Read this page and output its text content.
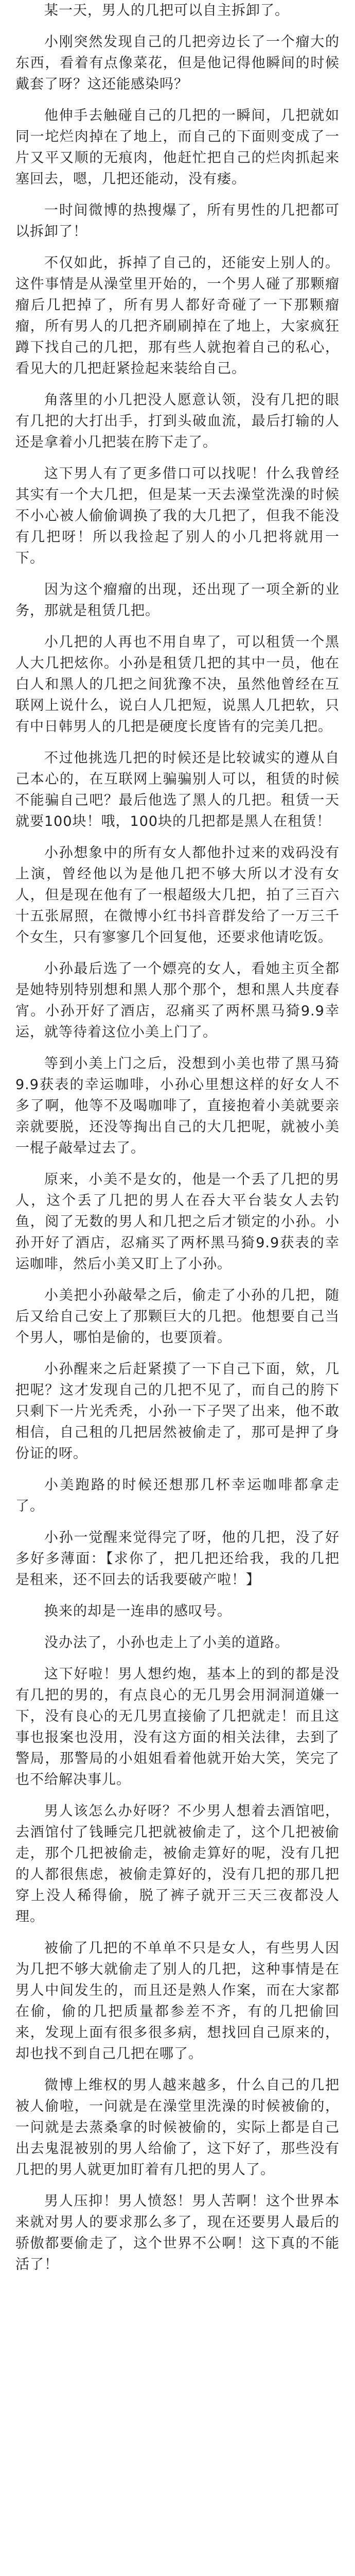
某一天，男人的几把可以自主拆卸了。

小刚突然发现自己的几把旁边长了一个瘤大的东西，看着有点像菜花，但是他记得他瞬间的时候戴套了呀？这还能感染吗？

他伸手去触碰自己的几把的一瞬间，几把就如同一坨烂肉掉在了地上，而自己的下面则变成了一片又平又顺的无痕肉，他赶忙把自己的烂肉抓起来塞回去，嗯，几把还能动，没有痿。

一时间微博的热搜爆了，所有男性的几把都可以拆卸了！

不仅如此，拆掉了自己的，还能安上别人的。这件事情是从澡堂里开始的，一个男人碰了那颗瘤瘤后几把掉了，所有男人都好奇碰了一下那颗瘤瘤，所有男人的几把齐刷刷掉在了地上，大家疯狂蹲下找自己的几把，那有些人就抱着自己的私心，看见大的几把赶紧捡起来装给自己。

角落里的小几把没人愿意认领，没有几把的眼有几把的大打出手，打到头破血流，最后打输的人还是拿着小几把装在胯下走了。

这下男人有了更多借口可以找呢！什么我曾经其实有一个大几把，但是某一天去澡堂洗澡的时候不小心被人偷偷调换了我的大几把了，但我不能没有几把呀！所以我捡起了别人的小几把将就用一下。

因为这个瘤瘤的出现，还出现了一项全新的业务，那就是租赁几把。

小几把的人再也不用自卑了，可以租赁一个黑人大几把炫你。小孙是租赁几把的其中一员，他在白人和黑人的几把之间犹豫不决，虽然他曾经在互联网上说什么，说白人几把短，说黑人几把软，只有中日韩男人的几把是硬度长度皆有的完美几把。

不过他挑选几把的时候还是比较诚实的遵从自己本心的，在互联网上骗骗别人可以，租赁的时候不能骗自己吧？最后他选了黑人的几把。租赁一天就要100块！哦，100块的几把都是黑人在租赁！

小孙想象中的所有女人都他扑过来的戏码没有上演，曾经他以为是他几把不够大所以才没有女人，但是现在他有了一根超级大几把，拍了三百六十五张屌照，在微博小红书抖音群发给了一万三千个女生，只有寥寥几个回复他，还要求他请吃饭。

小孙最后选了一个嫖亮的女人，看她主页全都是她特别特别想和黑人那个那个，想和黑人共度春宵。小孙开好了酒店，忍痛买了两杯黑马猗9.9幸运，就等待着这位小美上门了。

等到小美上门之后，没想到小美也带了黑马猗9.9获表的幸运咖啡，小孙心里想这样的好女人不多了啊，他等不及喝咖啡了，直接抱着小美就要亲亲就要脱，还没等掏出自己的大几把呢，就被小美一棍子敲晕过去了。

原来，小美不是女的，他是一个丢了几把的男人，这个丢了几把的男人在吞大平台装女人去钓鱼，阅了无数的男人和几把之后才锁定的小孙。小孙开好了酒店，忍痛买了两杯黑马猗9.9获表的幸运咖啡，然后小美又盯上了小孙。

小美把小孙敲晕之后，偷走了小孙的几把，随后又给自己安上了那颗巨大的几把。他想要自己当个男人，哪怕是偷的，也要顶着。

小孙醒来之后赶紧摸了一下自己下面，欸，几把呢？这才发现自己的几把不见了，而自己的胯下只剩下一片光秃秃，小孙一下子哭了出来，他不敢相信，自己租的几把居然被偷走了，那可是押了身份证的呀。

小美跑路的时候还想那几杯幸运咖啡都拿走了。

小孙一觉醒来觉得完了呀，他的几把，没了好多好多薄面：【求你了，把几把还给我，我的几把是租来，还不回去的话我要破产啦！】

换来的却是一连串的感叹号。

没办法了，小孙也走上了小美的道路。

这下好啦！男人想约炮，基本上的到的都是没有几把的男的，有点良心的无几男会用洞洞道嫌一下，没有良心的无几男直接偷了几把就走！而且这事也报案也没用，没有这方面的相关法律，去到了警局，那警局的小姐姐看着他就开始大笑，笑完了也不给解决事儿。

男人该怎么办好呀？不少男人想着去酒馆吧，去酒馆付了钱睡完几把就被偷走了，这个几把被偷走，那个几把被偷走，被偷走算好的呢，没有几把的人都很焦虑，被偷走算好的，没有几把的那几把穿上没人稀得偷，脱了裤子就开三天三夜都没人理。

被偷了几把的不单单不只是女人，有些男人因为几把不够大就偷走了别人的几把，这种事情是在男人中间发生的，而且还是熟人作案，而在大家都在偷，偷的几把质量都参差不齐，有的几把偷回来，发现上面有很多很多病，想找回自己原来的，却也找不到自己几把在哪了。

微博上维权的男人越来越多，什么自己的几把被人偷啦，一问就是在澡堂里洗澡的时候被偷的，一问就是去蒸桑拿的时候被偷的，实际上都是自己出去鬼混被别的男人给偷了，这下好了，那些没有几把的男人就更加盯着有几把的男人了。

男人压抑！男人愤怒！男人苦啊！这个世界本来就对男人的要求那么多了，现在还要男人最后的骄傲都要偷走了，这个世界不公啊！这下真的不能活了！
